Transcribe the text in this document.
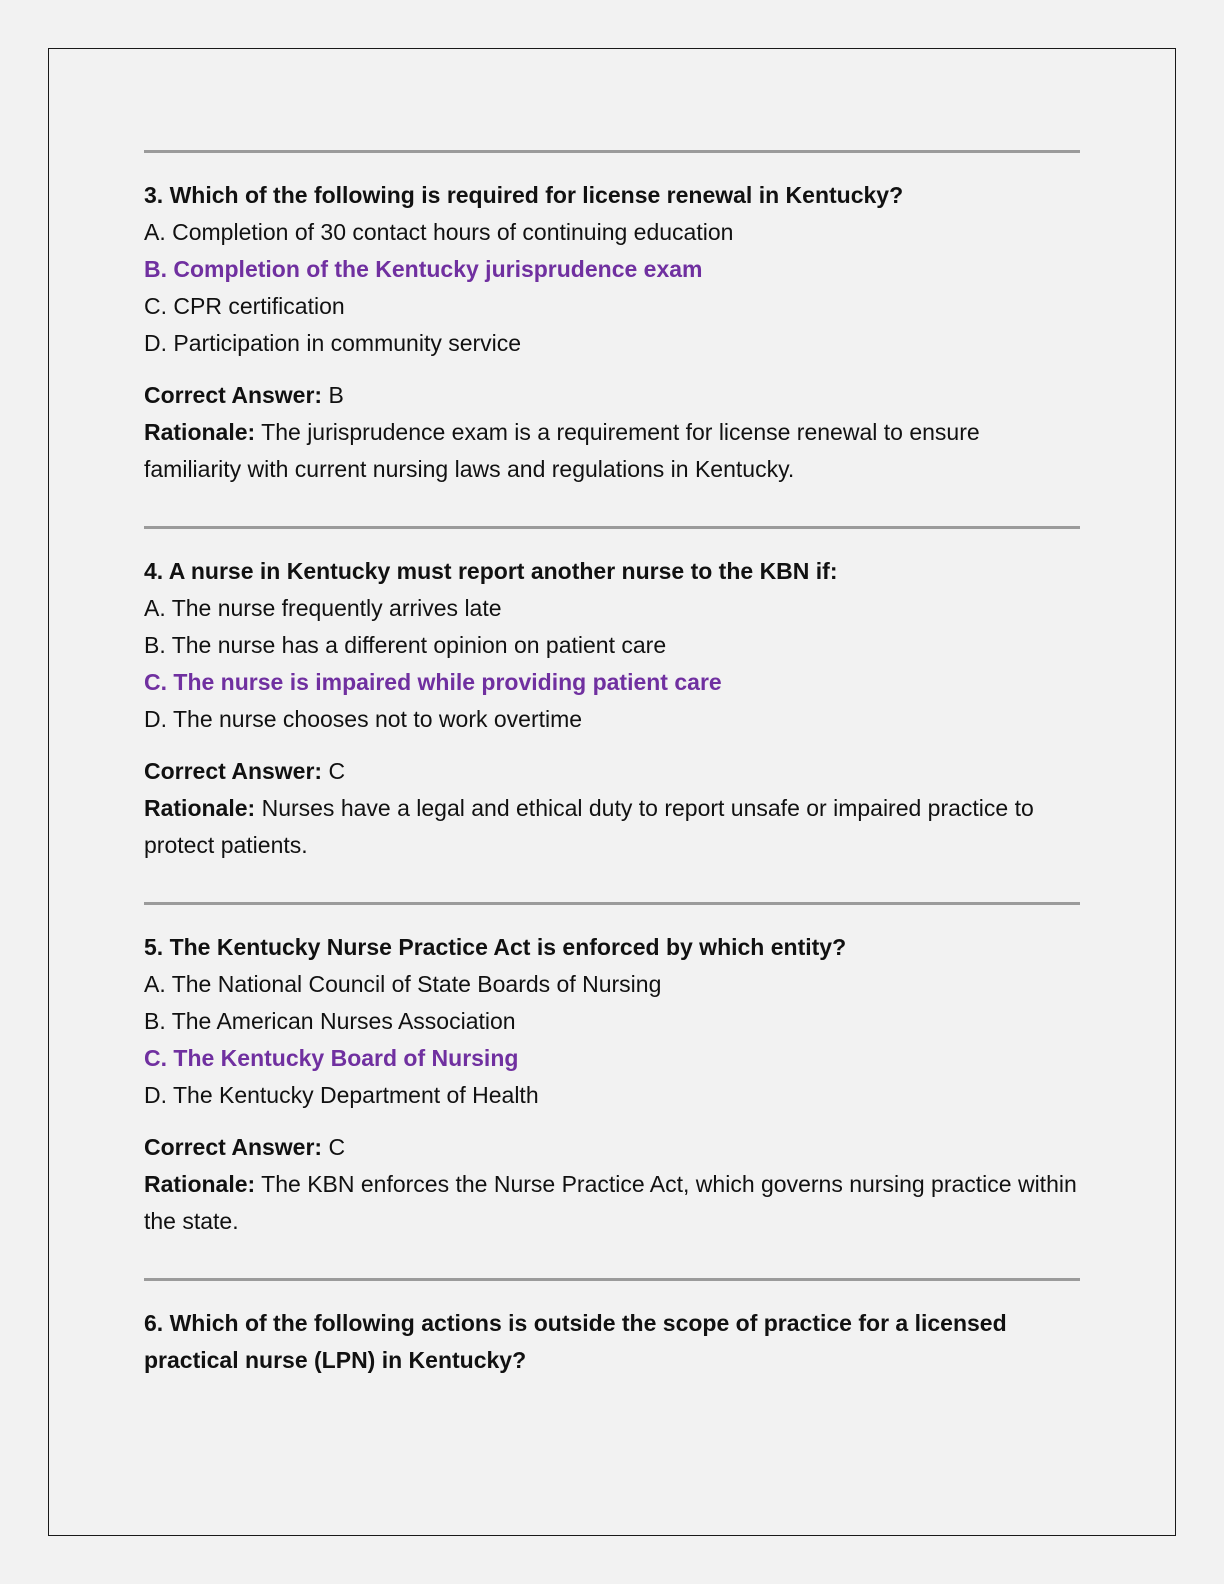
3. Which of the following is required for license renewal in Kentucky?

A. Completion of 30 contact hours of continuing education

B. Completion of the Kentucky jurisprudence exam

C. CPR certification

D. Participation in community service

Correct Answer: B

Rationale: The jurisprudence exam is a requirement for license renewal to ensure familiarity with current nursing laws and regulations in Kentucky.

4. A nurse in Kentucky must report another nurse to the KBN if:

A. The nurse frequently arrives late

B. The nurse has a different opinion on patient care

C. The nurse is impaired while providing patient care

D. The nurse chooses not to work overtime

Correct Answer: C

Rationale: Nurses have a legal and ethical duty to report unsafe or impaired practice to protect patients.

5. The Kentucky Nurse Practice Act is enforced by which entity?

A. The National Council of State Boards of Nursing

B. The American Nurses Association

C. The Kentucky Board of Nursing

D. The Kentucky Department of Health

Correct Answer: C

Rationale: The KBN enforces the Nurse Practice Act, which governs nursing practice within the state.

6. Which of the following actions is outside the scope of practice for a licensed practical nurse (LPN) in Kentucky?
